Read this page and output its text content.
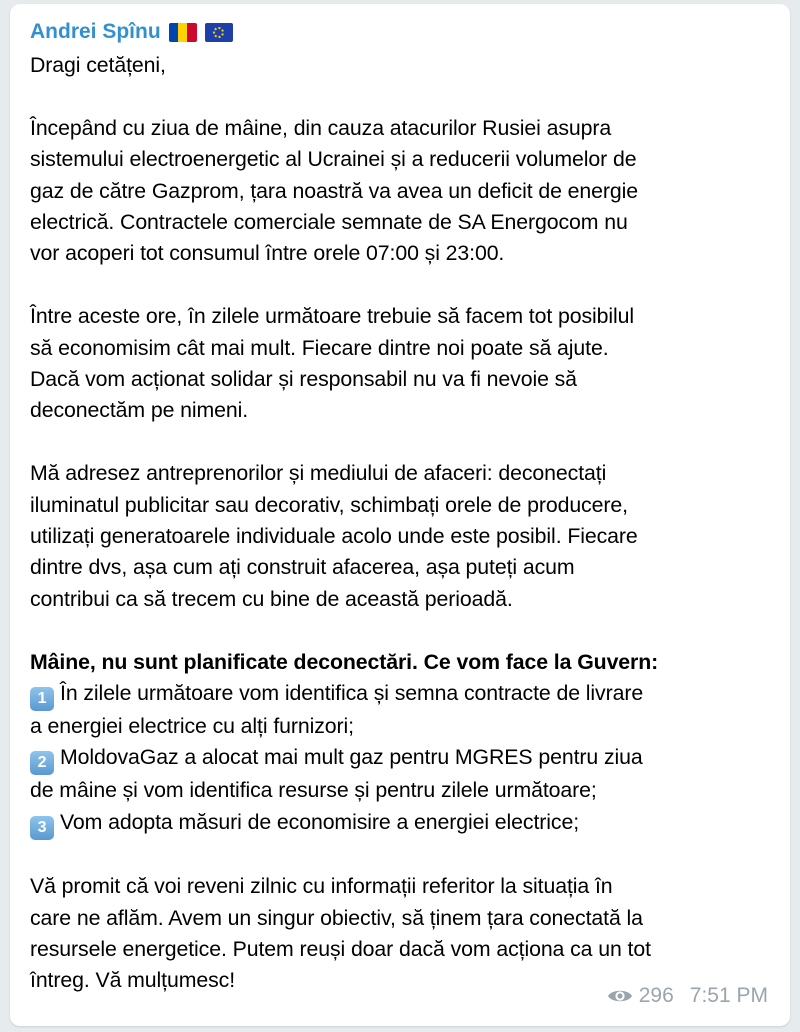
Andrei Spînu
Dragi cetățeni,
Începând cu ziua de mâine, din cauza atacurilor Rusiei asupra
sistemului electroenergetic al Ucrainei și a reducerii volumelor de
gaz de către Gazprom, țara noastră va avea un deficit de energie
electrică. Contractele comerciale semnate de SA Energocom nu
vor acoperi tot consumul între orele 07:00 și 23:00.
Între aceste ore, în zilele următoare trebuie să facem tot posibilul
să economisim cât mai mult. Fiecare dintre noi poate să ajute.
Dacă vom acționat solidar și responsabil nu va fi nevoie să
deconectăm pe nimeni.
Mă adresez antreprenorilor și mediului de afaceri: deconectați
iluminatul publicitar sau decorativ, schimbați orele de producere,
utilizați generatoarele individuale acolo unde este posibil. Fiecare
dintre dvs, așa cum ați construit afacerea, așa puteți acum
contribui ca să trecem cu bine de această perioadă.
Mâine, nu sunt planificate deconectări. Ce vom face la Guvern:
1 În zilele următoare vom identifica și semna contracte de livrare
a energiei electrice cu alți furnizori;
2 MoldovaGaz a alocat mai mult gaz pentru MGRES pentru ziua
de mâine și vom identifica resurse și pentru zilele următoare;
3 Vom adopta măsuri de economisire a energiei electrice;
Vă promit că voi reveni zilnic cu informații referitor la situația în
care ne aflăm. Avem un singur obiectiv, să ținem țara conectată la
resursele energetice. Putem reuși doar dacă vom acționa ca un tot
întreg. Vă mulțumesc!
296 7:51 PM
